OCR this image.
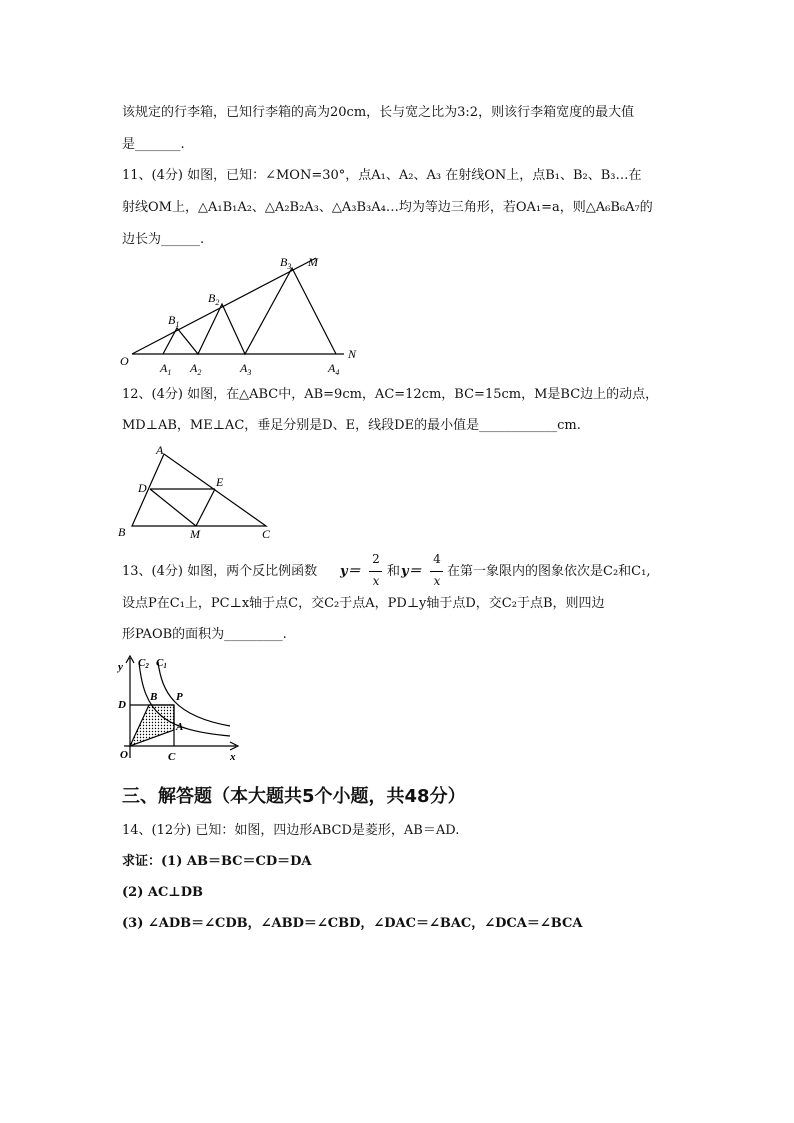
该规定的行李箱，已知行李箱的高为20cm，长与宽之比为3:2，则该行李箱宽度的最大值
是_______.
11、(4分) 如图，已知：∠MON=30°，点A₁、A₂、A₃ 在射线ON上，点B₁、B₂、B₃…在
射线OM上，△A₁B₁A₂、△A₂B₂A₃、△A₃B₃A₄…均为等边三角形，若OA₁=a，则△A₆B₆A₇的
边长为______.
O	$A_1$ $A_2$	$A_3$	$A_4$
N
$B_1$
$B_2$
$B_3$ M
12、(4分) 如图，在△ABC中，AB=9cm，AC=12cm，BC=15cm，M是BC边上的动点，
MD⊥AB，ME⊥AC，垂足分别是D、E，线段DE的最小值是____________cm.
A
B	C
D	E
M
13、(4分) 如图，两个反比例函数 y＝
2
x
和 y＝
4
x
在第一象限内的图象依次是C₂和C₁,
设点P在C₁上，PC⊥x轴于点C，交C₂于点A，PD⊥y轴于点D，交C₂于点B，则四边
形PAOB的面积为_________.
y
x
O
C2 C1
B P
D
A
C
三、解答题（本大题共5个小题，共48分）
14、(12分) 已知：如图，四边形ABCD是菱形，AB＝AD.
求证：(1) AB＝BC＝CD＝DA
(2) AC⊥DB
(3) ∠ADB＝∠CDB，∠ABD＝∠CBD，∠DAC＝∠BAC，∠DCA＝∠BCA
